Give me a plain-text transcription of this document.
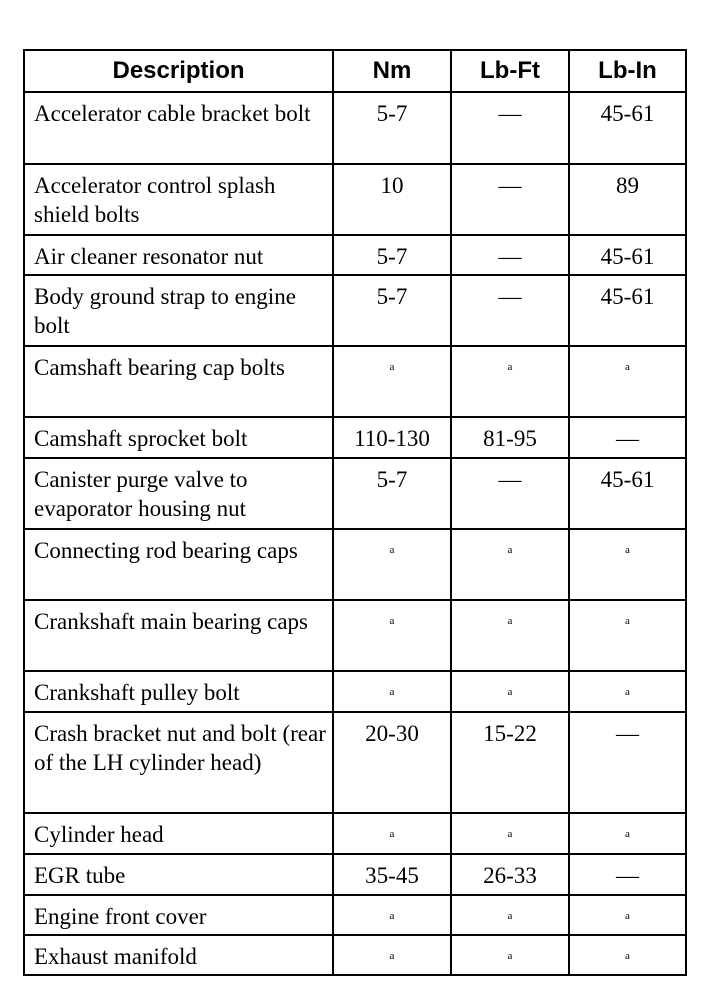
Description	Nm	Lb-Ft	Lb-In
Accelerator cable bracket bolt	5-7	—	45-61
Accelerator control splash shield bolts	10	—	89
Air cleaner resonator nut	5-7	—	45-61
Body ground strap to engine bolt	5-7	—	45-61
Camshaft bearing cap bolts	a	a	a
Camshaft sprocket bolt	110-130	81-95	—
Canister purge valve to evaporator housing nut	5-7	—	45-61
Connecting rod bearing caps	a	a	a
Crankshaft main bearing caps	a	a	a
Crankshaft pulley bolt	a	a	a
Crash bracket nut and bolt (rear of the LH cylinder head)	20-30	15-22	—
Cylinder head	a	a	a
EGR tube	35-45	26-33	—
Engine front cover	a	a	a
Exhaust manifold	a	a	a
